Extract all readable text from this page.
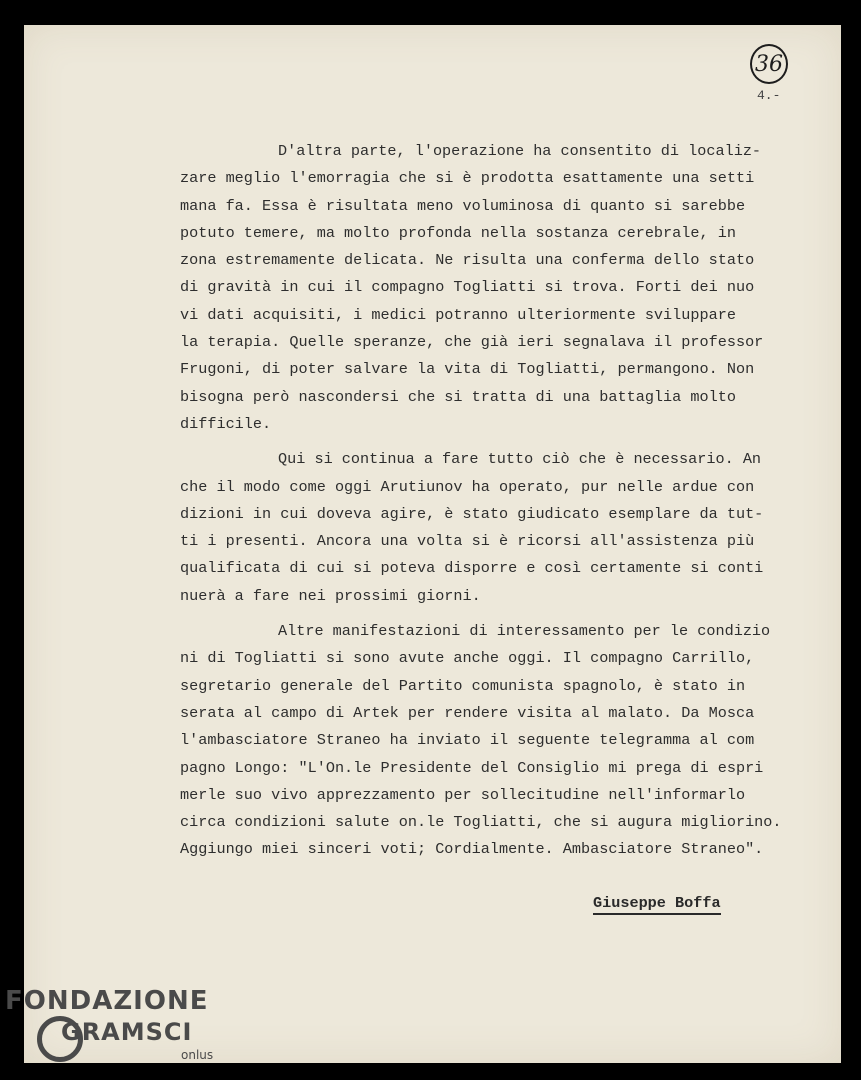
36
4.-
D'altra parte, l'operazione ha consentito di localiz-
zare meglio l'emorragia che si è prodotta esattamente una setti
mana fa. Essa è risultata meno voluminosa di quanto si sarebbe
potuto temere, ma molto profonda nella sostanza cerebrale, in
zona estremamente delicata. Ne risulta una conferma dello stato
di gravità in cui il compagno Togliatti si trova. Forti dei nuo
vi dati acquisiti, i medici potranno ulteriormente sviluppare
la terapia. Quelle speranze, che già ieri segnalava il professor
Frugoni, di poter salvare la vita di Togliatti, permangono. Non
bisogna però nascondersi che si tratta di una battaglia molto
difficile.
Qui si continua a fare tutto ciò che è necessario. An
che il modo come oggi Arutiunov ha operato, pur nelle ardue con
dizioni in cui doveva agire, è stato giudicato esemplare da tut-
ti i presenti. Ancora una volta si è ricorsi all'assistenza più
qualificata di cui si poteva disporre e così certamente si conti
nuerà a fare nei prossimi giorni.
Altre manifestazioni di interessamento per le condizio
ni di Togliatti si sono avute anche oggi. Il compagno Carrillo,
segretario generale del Partito comunista spagnolo, è stato in
serata al campo di Artek per rendere visita al malato. Da Mosca
l'ambasciatore Straneo ha inviato il seguente telegramma al com
pagno Longo: "L'On.le Presidente del Consiglio mi prega di espri
merle suo vivo apprezzamento per sollecitudine nell'informarlo
circa condizioni salute on.le Togliatti, che si augura migliorino.
Aggiungo miei sinceri voti; Cordialmente. Ambasciatore Straneo".
Giuseppe Boffa
FONDAZIONE
GRAMSCI
onlus
